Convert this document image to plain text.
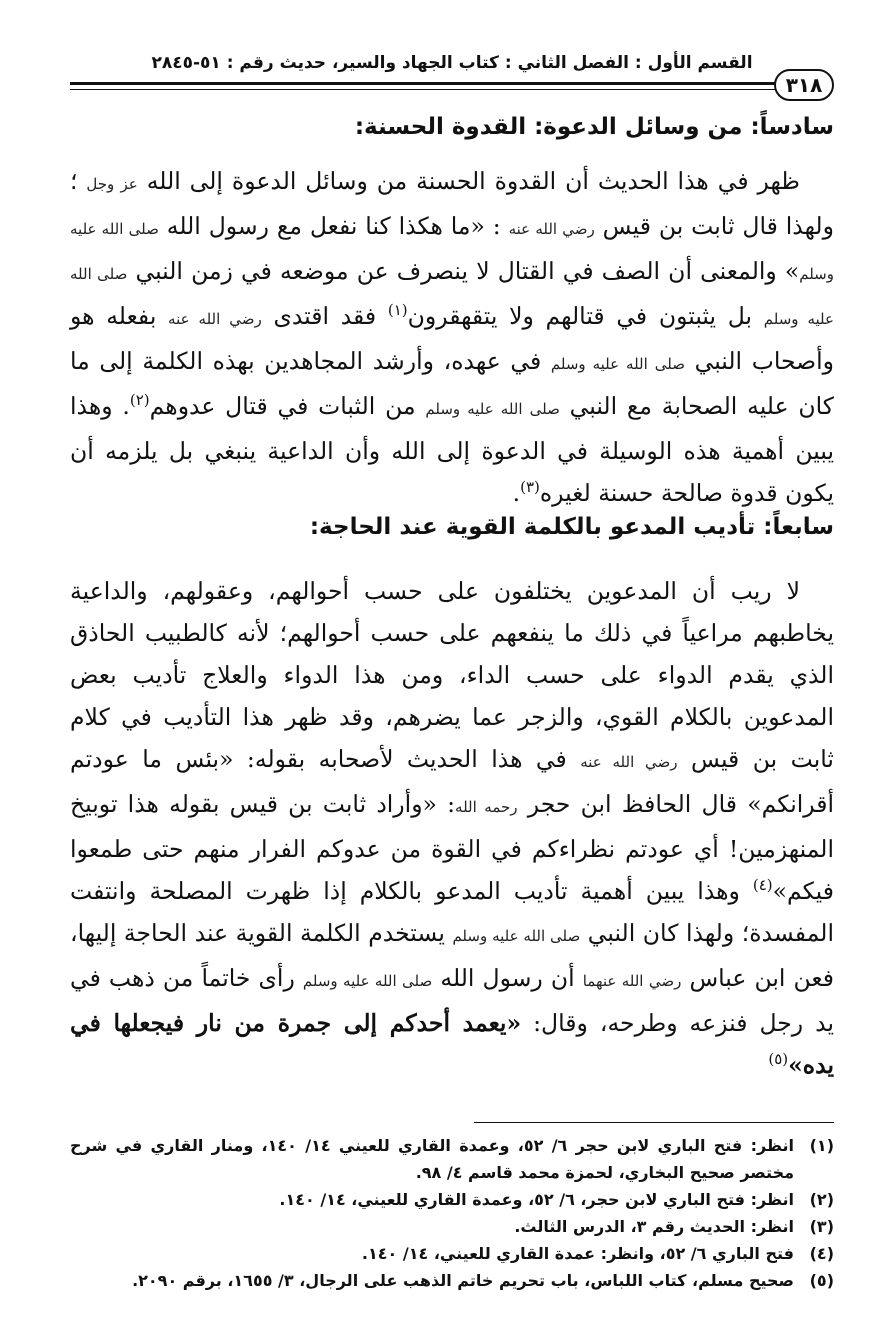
القسم الأول : الفصل الثاني : كتاب الجهاد والسير، حديث رقم : ٥١-٢٨٤٥
٣١٨
سادساً: من وسائل الدعوة: القدوة الحسنة:
ظهر في هذا الحديث أن القدوة الحسنة من وسائل الدعوة إلى الله عز وجل ؛ ولهذا قال ثابت بن قيس رضي الله عنه : «ما هكذا كنا نفعل مع رسول الله صلى الله عليه وسلم» والمعنى أن الصف في القتال لا ينصرف عن موضعه في زمن النبي صلى الله عليه وسلم بل يثبتون في قتالهم ولا يتقهقرون$^{(١)}$ فقد اقتدى رضي الله عنه بفعله هو وأصحاب النبي صلى الله عليه وسلم في عهده، وأرشد المجاهدين بهذه الكلمة إلى ما كان عليه الصحابة مع النبي صلى الله عليه وسلم من الثبات في قتال عدوهم$^{(٢)}$. وهذا يبين أهمية هذه الوسيلة في الدعوة إلى الله وأن الداعية ينبغي بل يلزمه أن يكون قدوة صالحة حسنة لغيره$^{(٣)}$.
سابعاً: تأديب المدعو بالكلمة القوية عند الحاجة:
لا ريب أن المدعوين يختلفون على حسب أحوالهم، وعقولهم، والداعية يخاطبهم مراعياً في ذلك ما ينفعهم على حسب أحوالهم؛ لأنه كالطبيب الحاذق الذي يقدم الدواء على حسب الداء، ومن هذا الدواء والعلاج تأديب بعض المدعوين بالكلام القوي، والزجر عما يضرهم، وقد ظهر هذا التأديب في كلام ثابت بن قيس رضي الله عنه في هذا الحديث لأصحابه بقوله: «بئس ما عودتم أقرانكم» قال الحافظ ابن حجر رحمه الله: «وأراد ثابت بن قيس بقوله هذا توبيخ المنهزمين! أي عودتم نظراءكم في القوة من عدوكم الفرار منهم حتى طمعوا فيكم»$^{(٤)}$ وهذا يبين أهمية تأديب المدعو بالكلام إذا ظهرت المصلحة وانتفت المفسدة؛ ولهذا كان النبي صلى الله عليه وسلم يستخدم الكلمة القوية عند الحاجة إليها، فعن ابن عباس رضي الله عنهما أن رسول الله صلى الله عليه وسلم رأى خاتماً من ذهب في يد رجل فنزعه وطرحه، وقال: «يعمد أحدكم إلى جمرة من نار فيجعلها في يده»$^{(٥)}$
(١)
انظر: فتح الباري لابن حجر ٦/ ٥٢، وعمدة القاري للعيني ١٤/ ١٤٠، ومنار القاري في شرح مختصر صحيح البخاري، لحمزة محمد قاسم ٤/ ٩٨.
(٢)
انظر: فتح الباري لابن حجر، ٦/ ٥٢، وعمدة القاري للعيني، ١٤/ ١٤٠.
(٣)
انظر: الحديث رقم ٣، الدرس الثالث.
(٤)
فتح الباري ٦/ ٥٢، وانظر: عمدة القاري للعيني، ١٤/ ١٤٠.
(٥)
صحيح مسلم، كتاب اللباس، باب تحريم خاتم الذهب على الرجال، ٣/ ١٦٥٥، برقم ٢٠٩٠.
